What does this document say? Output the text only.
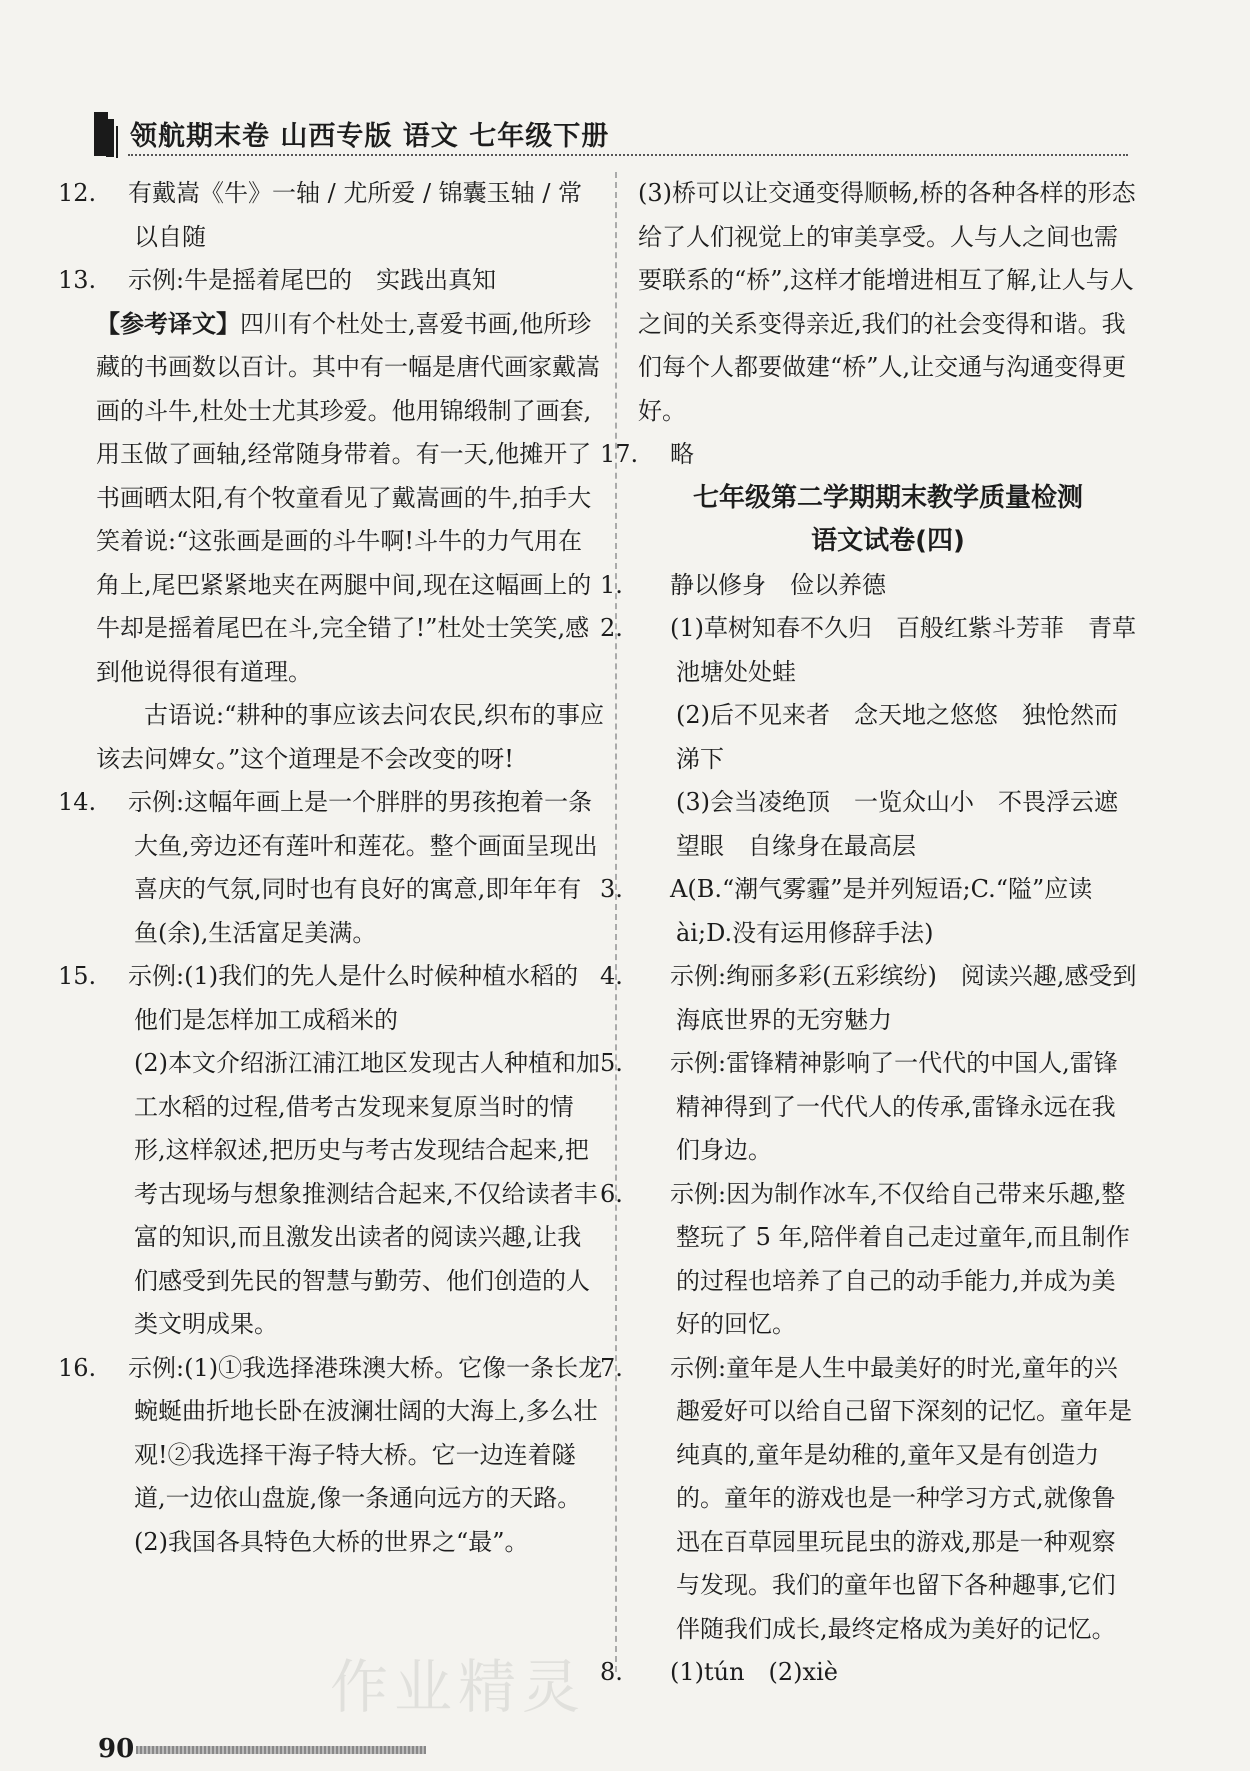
领航期末卷 山西专版 语文 七年级下册
12. 有戴嵩《牛》一轴 / 尤所爱 / 锦囊玉轴 / 常以自随
13. 示例:牛是摇着尾巴的　实践出真知
【参考译文】四川有个杜处士,喜爱书画,他所珍藏的书画数以百计。其中有一幅是唐代画家戴嵩画的斗牛,杜处士尤其珍爱。他用锦缎制了画套,用玉做了画轴,经常随身带着。有一天,他摊开了书画晒太阳,有个牧童看见了戴嵩画的牛,拍手大笑着说:“这张画是画的斗牛啊!斗牛的力气用在角上,尾巴紧紧地夹在两腿中间,现在这幅画上的牛却是摇着尾巴在斗,完全错了!”杜处士笑笑,感到他说得很有道理。
古语说:“耕种的事应该去问农民,织布的事应该去问婢女。”这个道理是不会改变的呀!
14. 示例:这幅年画上是一个胖胖的男孩抱着一条大鱼,旁边还有莲叶和莲花。整个画面呈现出喜庆的气氛,同时也有良好的寓意,即年年有鱼(余),生活富足美满。
15. 示例:(1)我们的先人是什么时候种植水稻的　他们是怎样加工成稻米的
(2)本文介绍浙江浦江地区发现古人种植和加工水稻的过程,借考古发现来复原当时的情形,这样叙述,把历史与考古发现结合起来,把考古现场与想象推测结合起来,不仅给读者丰富的知识,而且激发出读者的阅读兴趣,让我们感受到先民的智慧与勤劳、他们创造的人类文明成果。
16. 示例:(1)①我选择港珠澳大桥。它像一条长龙蜿蜒曲折地长卧在波澜壮阔的大海上,多么壮观!②我选择干海子特大桥。它一边连着隧道,一边依山盘旋,像一条通向远方的天路。
(2)我国各具特色大桥的世界之“最”。
(3)桥可以让交通变得顺畅,桥的各种各样的形态给了人们视觉上的审美享受。人与人之间也需要联系的“桥”,这样才能增进相互了解,让人与人之间的关系变得亲近,我们的社会变得和谐。我们每个人都要做建“桥”人,让交通与沟通变得更好。
17. 略
七年级第二学期期末教学质量检测
语文试卷(四)
1. 静以修身　俭以养德
2. (1)草树知春不久归　百般红紫斗芳菲　青草池塘处处蛙
(2)后不见来者　念天地之悠悠　独怆然而涕下
(3)会当凌绝顶　一览众山小　不畏浮云遮望眼　自缘身在最高层
3. A(B.“潮气雾霾”是并列短语;C.“隘”应读ài;D.没有运用修辞手法)
4. 示例:绚丽多彩(五彩缤纷)　阅读兴趣,感受到海底世界的无穷魅力
5. 示例:雷锋精神影响了一代代的中国人,雷锋精神得到了一代代人的传承,雷锋永远在我们身边。
6. 示例:因为制作冰车,不仅给自己带来乐趣,整整玩了 5 年,陪伴着自己走过童年,而且制作的过程也培养了自己的动手能力,并成为美好的回忆。
7. 示例:童年是人生中最美好的时光,童年的兴趣爱好可以给自己留下深刻的记忆。童年是纯真的,童年是幼稚的,童年又是有创造力的。童年的游戏也是一种学习方式,就像鲁迅在百草园里玩昆虫的游戏,那是一种观察与发现。我们的童年也留下各种趣事,它们伴随我们成长,最终定格成为美好的记忆。
8. (1)tún　(2)xiè
作业精灵
90
